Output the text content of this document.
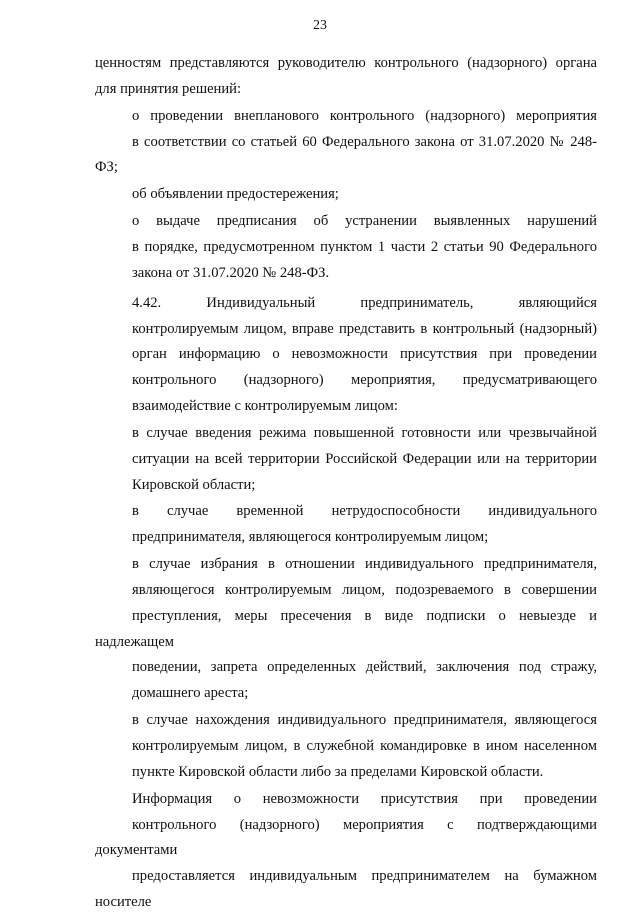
23
ценностям представляются руководителю контрольного (надзорного) органа
для принятия решений:
о проведении внепланового контрольного (надзорного) мероприятия
в соответствии со статьей 60 Федерального закона от 31.07.2020 № 248-ФЗ;
об объявлении предостережения;
о выдаче предписания об устранении выявленных нарушений
в порядке, предусмотренном пунктом 1 части 2 статьи 90 Федерального
закона от 31.07.2020 № 248-ФЗ.
4.42. Индивидуальный предприниматель, являющийся
контролируемым лицом, вправе представить в контрольный (надзорный)
орган информацию о невозможности присутствия при проведении
контрольного (надзорного) мероприятия, предусматривающего
взаимодействие с контролируемым лицом:
в случае введения режима повышенной готовности или чрезвычайной
ситуации на всей территории Российской Федерации или на территории
Кировской области;
в случае временной нетрудоспособности индивидуального
предпринимателя, являющегося контролируемым лицом;
в случае избрания в отношении индивидуального предпринимателя,
являющегося контролируемым лицом, подозреваемого в совершении
преступления, меры пресечения в виде подписки о невыезде и надлежащем
поведении, запрета определенных действий, заключения под стражу,
домашнего ареста;
в случае нахождения индивидуального предпринимателя, являющегося
контролируемым лицом, в служебной командировке в ином населенном
пункте Кировской области либо за пределами Кировской области.
Информация о невозможности присутствия при проведении
контрольного (надзорного) мероприятия с подтверждающими документами
предоставляется индивидуальным предпринимателем на бумажном носителе
